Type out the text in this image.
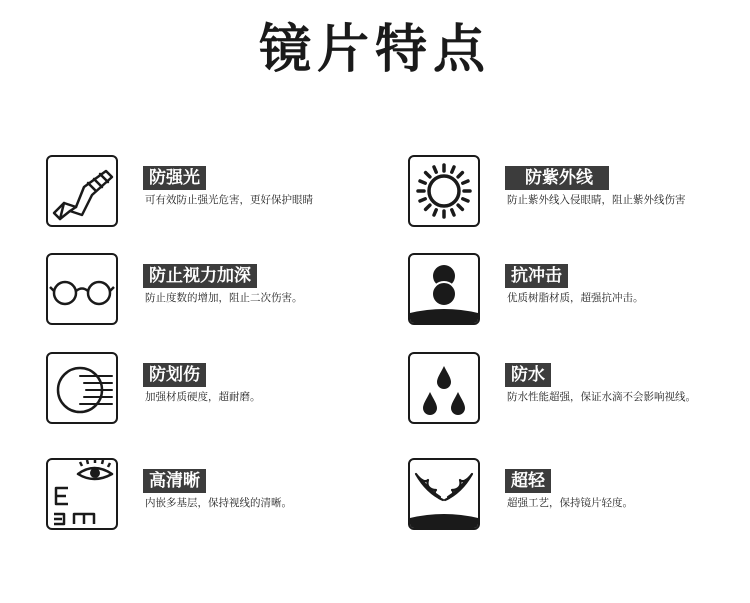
镜片特点
防强光
可有效防止强光危害，更好保护眼睛
防紫外线
防止紫外线入侵眼睛，阻止紫外线伤害
防止视力加深
防止度数的增加，阻止二次伤害。
抗冲击
优质树脂材质，超强抗冲击。
防划伤
加强材质硬度，超耐磨。
防水
防水性能超强，保证水滴不会影响视线。
高清晰
内嵌多基层，保持视线的清晰。
超轻
超强工艺，保持镜片轻度。
